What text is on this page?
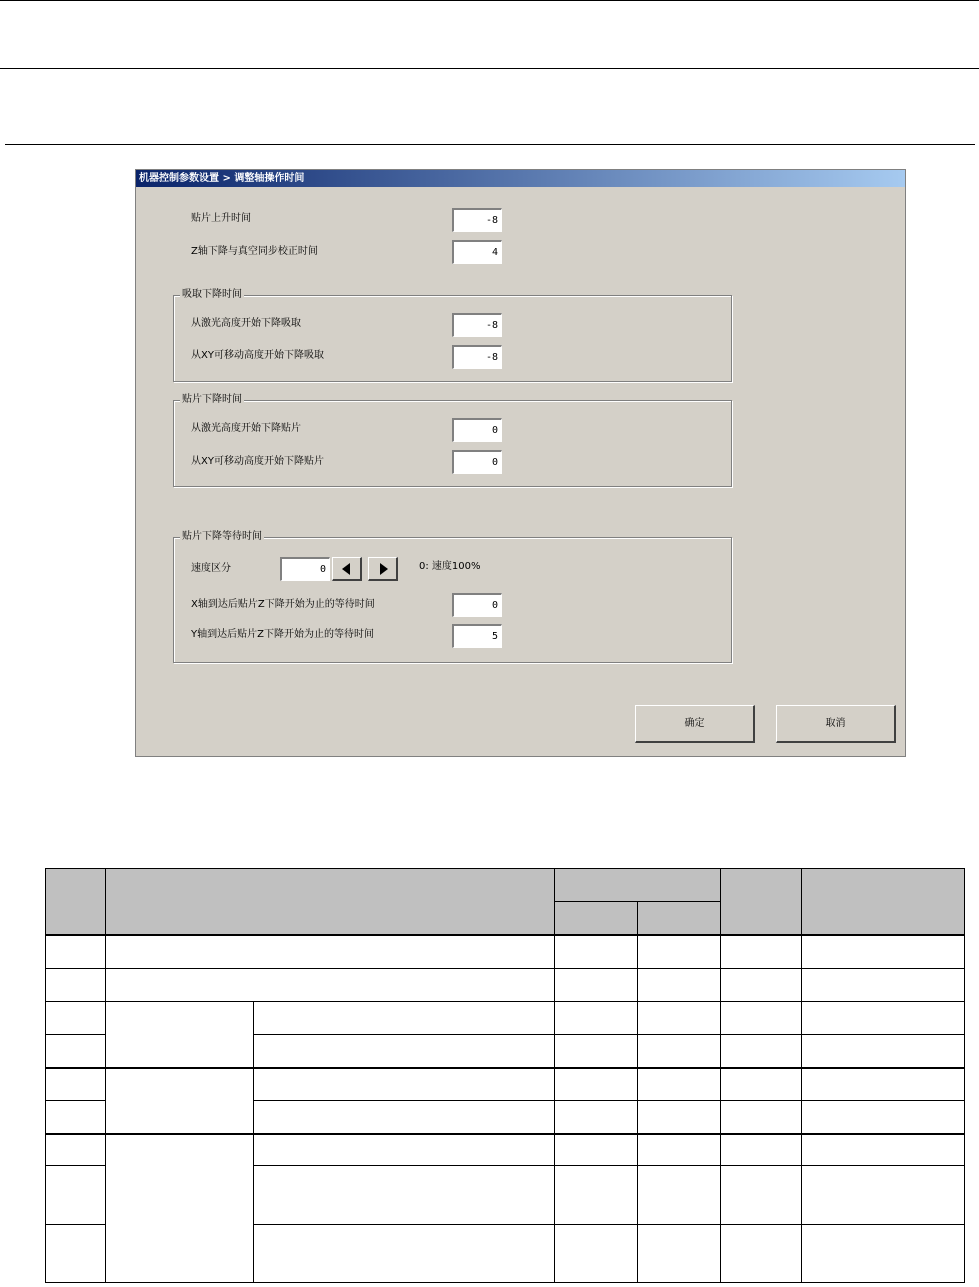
机器控制参数设置 > 调整轴操作时间
贴片上升时间	-8
Z轴下降与真空同步校正时间	4
吸取下降时间
从激光高度开始下降吸取	-8
从XY可移动高度开始下降吸取	-8
贴片下降时间
从激光高度开始下降贴片	0
从XY可移动高度开始下降贴片	0
贴片下降等待时间
速度区分	0	0: 速度100%
X轴到达后贴片Z下降开始为止的等待时间	0
Y轴到达后贴片Z下降开始为止的等待时间	5
确定	取消
